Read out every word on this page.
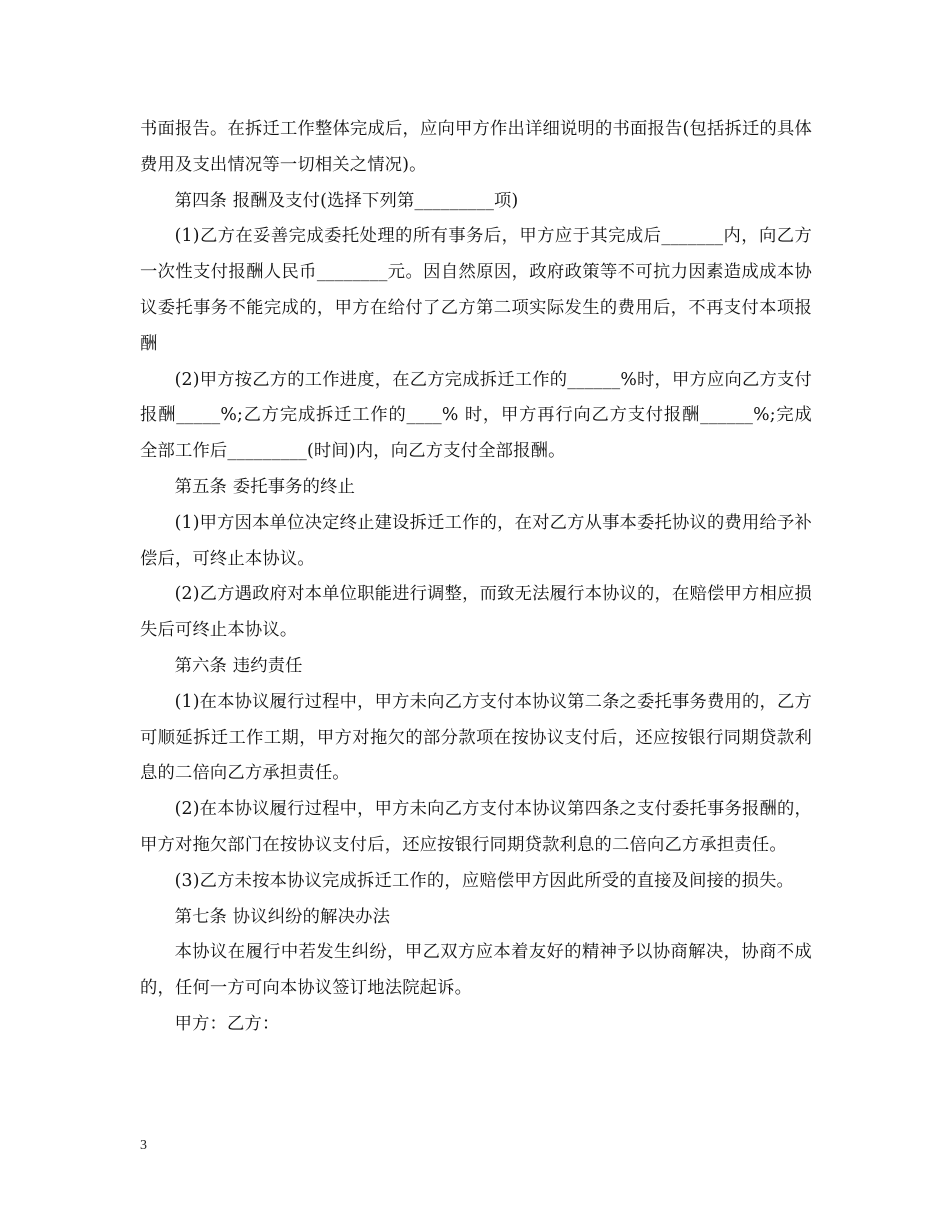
书面报告。在拆迁工作整体完成后，应向甲方作出详细说明的书面报告(包括拆迁的具体费用及支出情况等一切相关之情况)。

第四条 报酬及支付(选择下列第_________项)

(1)乙方在妥善完成委托处理的所有事务后，甲方应于其完成后_______内，向乙方一次性支付报酬人民币________元。因自然原因，政府政策等不可抗力因素造成成本协议委托事务不能完成的，甲方在给付了乙方第二项实际发生的费用后，不再支付本项报酬

(2)甲方按乙方的工作进度，在乙方完成拆迁工作的______%时，甲方应向乙方支付报酬_____%;乙方完成拆迁工作的____% 时，甲方再行向乙方支付报酬______%;完成全部工作后_________(时间)内，向乙方支付全部报酬。

第五条 委托事务的终止

(1)甲方因本单位决定终止建设拆迁工作的，在对乙方从事本委托协议的费用给予补偿后，可终止本协议。

(2)乙方遇政府对本单位职能进行调整，而致无法履行本协议的，在赔偿甲方相应损失后可终止本协议。

第六条 违约责任

(1)在本协议履行过程中，甲方未向乙方支付本协议第二条之委托事务费用的，乙方可顺延拆迁工作工期，甲方对拖欠的部分款项在按协议支付后，还应按银行同期贷款利息的二倍向乙方承担责任。

(2)在本协议履行过程中，甲方未向乙方支付本协议第四条之支付委托事务报酬的，甲方对拖欠部门在按协议支付后，还应按银行同期贷款利息的二倍向乙方承担责任。

(3)乙方未按本协议完成拆迁工作的，应赔偿甲方因此所受的直接及间接的损失。

第七条 协议纠纷的解决办法

本协议在履行中若发生纠纷，甲乙双方应本着友好的精神予以协商解决，协商不成的，任何一方可向本协议签订地法院起诉。

甲方：乙方：

3
